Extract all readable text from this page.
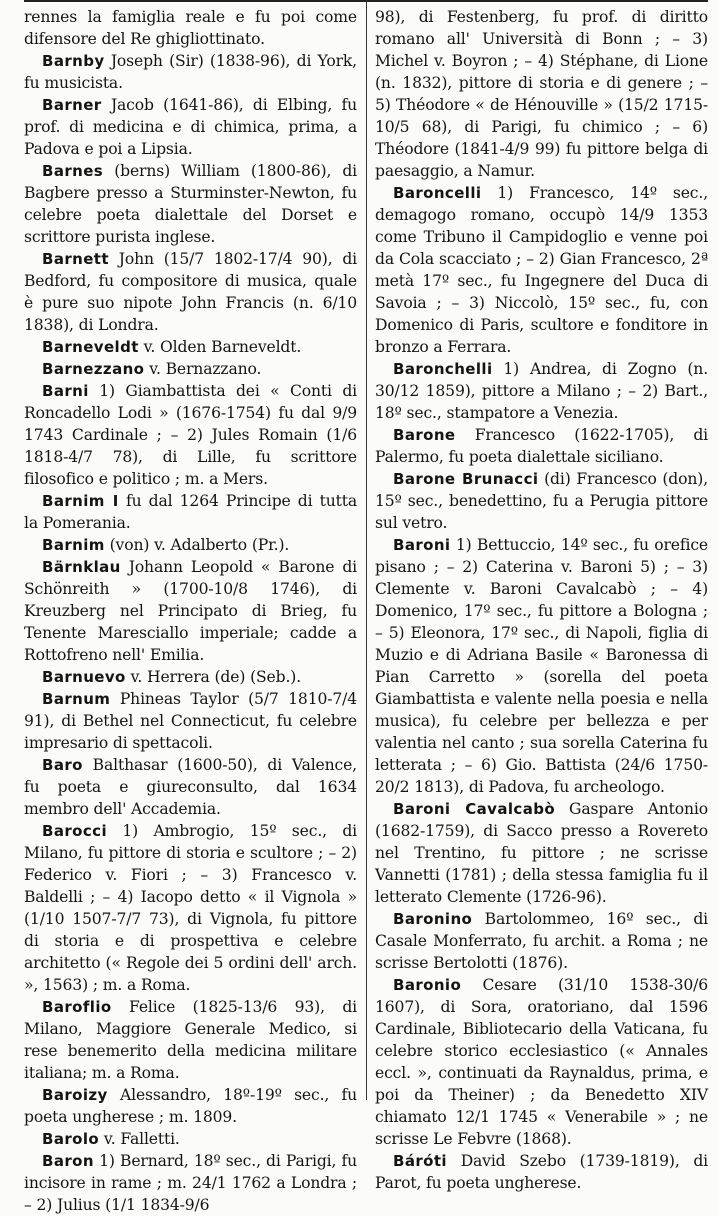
rennes la famiglia reale e fu poi come difensore del Re ghigliottinato.

Barnby Joseph (Sir) (1838-96), di York, fu musicista.

Barner Jacob (1641-86), di Elbing, fu prof. di medicina e di chimica, prima, a Padova e poi a Lipsia.

Barnes (berns) William (1800-86), di Bagbere presso a Sturminster-Newton, fu celebre poeta dialettale del Dorset e scrittore purista inglese.

Barnett John (15/7 1802-17/4 90), di Bedford, fu compositore di musica, quale è pure suo nipote John Francis (n. 6/10 1838), di Londra.

Barneveldt v. Olden Barneveldt.

Barnezzano v. Bernazzano.

Barni 1) Giambattista dei « Conti di Roncadello Lodi » (1676-1754) fu dal 9/9 1743 Cardinale ; – 2) Jules Romain (1/6 1818-4/7 78), di Lille, fu scrittore filosofico e politico ; m. a Mers.

Barnim I fu dal 1264 Principe di tutta la Pomerania.

Barnim (von) v. Adalberto (Pr.).

Bärnklau Johann Leopold « Barone di Schönreith » (1700-10/8 1746), di Kreuzberg nel Principato di Brieg, fu Tenente Maresciallo imperiale; cadde a Rottofreno nell' Emilia.

Barnuevo v. Herrera (de) (Seb.).

Barnum Phineas Taylor (5/7 1810-7/4 91), di Bethel nel Connecticut, fu celebre impresario di spettacoli.

Baro Balthasar (1600-50), di Valence, fu poeta e giureconsulto, dal 1634 membro dell' Accademia.

Barocci 1) Ambrogio, 15º sec., di Milano, fu pittore di storia e scultore ; – 2) Federico v. Fiori ; – 3) Francesco v. Baldelli ; – 4) Iacopo detto « il Vignola » (1/10 1507-7/7 73), di Vignola, fu pittore di storia e di prospettiva e celebre architetto (« Regole dei 5 ordini dell' arch. », 1563) ; m. a Roma.

Baroflio Felice (1825-13/6 93), di Milano, Maggiore Generale Medico, si rese benemerito della medicina militare italiana; m. a Roma.

Baroizy Alessandro, 18º-19º sec., fu poeta ungherese ; m. 1809.

Barolo v. Falletti.

Baron 1) Bernard, 18º sec., di Parigi, fu incisore in rame ; m. 24/1 1762 a Londra ; – 2) Julius (1/1 1834-9/6

98), di Festenberg, fu prof. di diritto romano all' Università di Bonn ; – 3) Michel v. Boyron ; – 4) Stéphane, di Lione (n. 1832), pittore di storia e di genere ; – 5) Théodore « de Hénouville » (15/2 1715-10/5 68), di Parigi, fu chimico ; – 6) Théodore (1841-4/9 99) fu pittore belga di paesaggio, a Namur.

Baroncelli 1) Francesco, 14º sec., demagogo romano, occupò 14/9 1353 come Tribuno il Campidoglio e venne poi da Cola scacciato ; – 2) Gian Francesco, 2ª metà 17º sec., fu Ingegnere del Duca di Savoia ; – 3) Niccolò, 15º sec., fu, con Domenico di Paris, scultore e fonditore in bronzo a Ferrara.

Baronchelli 1) Andrea, di Zogno (n. 30/12 1859), pittore a Milano ; – 2) Bart., 18º sec., stampatore a Venezia.

Barone Francesco (1622-1705), di Palermo, fu poeta dialettale siciliano.

Barone Brunacci (di) Francesco (don), 15º sec., benedettino, fu a Perugia pittore sul vetro.

Baroni 1) Bettuccio, 14º sec., fu orefice pisano ; – 2) Caterina v. Baroni 5) ; – 3) Clemente v. Baroni Cavalcabò ; – 4) Domenico, 17º sec., fu pittore a Bologna ; – 5) Eleonora, 17º sec., di Napoli, figlia di Muzio e di Adriana Basile « Baronessa di Pian Carretto » (sorella del poeta Giambattista e valente nella poesia e nella musica), fu celebre per bellezza e per valentia nel canto ; sua sorella Caterina fu letterata ; – 6) Gio. Battista (24/6 1750-20/2 1813), di Padova, fu archeologo.

Baroni Cavalcabò Gaspare Antonio (1682-1759), di Sacco presso a Rovereto nel Trentino, fu pittore ; ne scrisse Vannetti (1781) ; della stessa famiglia fu il letterato Clemente (1726-96).

Baronino Bartolommeo, 16º sec., di Casale Monferrato, fu archit. a Roma ; ne scrisse Bertolotti (1876).

Baronio Cesare (31/10 1538-30/6 1607), di Sora, oratoriano, dal 1596 Cardinale, Bibliotecario della Vaticana, fu celebre storico ecclesiastico (« Annales eccl. », continuati da Raynaldus, prima, e poi da Theiner) ; da Benedetto XIV chiamato 12/1 1745 « Venerabile » ; ne scrisse Le Febvre (1868).

Báróti David Szebo (1739-1819), di Parot, fu poeta ungherese.
